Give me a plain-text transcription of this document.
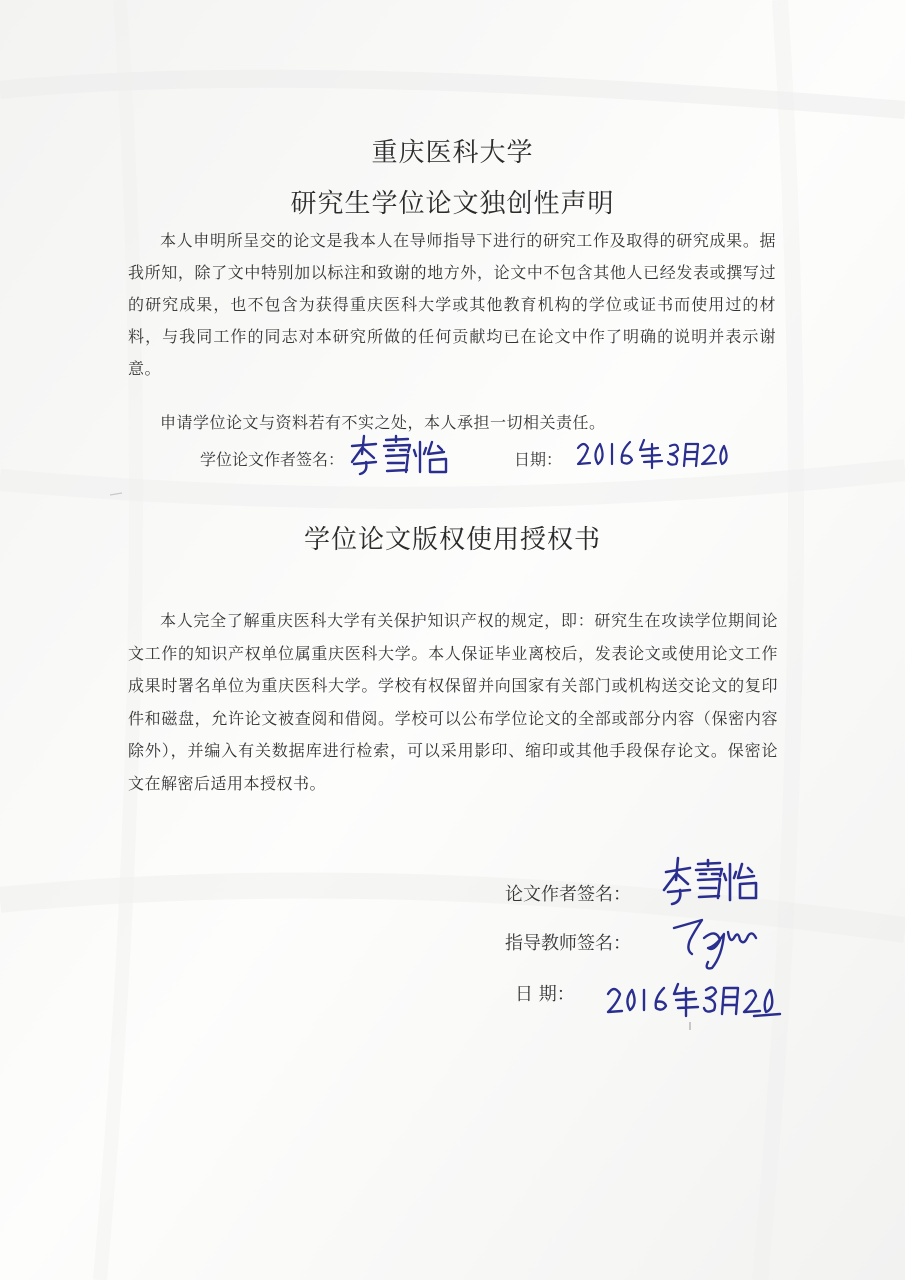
重庆医科大学
研究生学位论文独创性声明
本人申明所呈交的论文是我本人在导师指导下进行的研究工作及取得的研究成果。据我所知，除了文中特别加以标注和致谢的地方外，论文中不包含其他人已经发表或撰写过的研究成果，也不包含为获得重庆医科大学或其他教育机构的学位或证书而使用过的材料，与我同工作的同志对本研究所做的任何贡献均已在论文中作了明确的说明并表示谢意。
申请学位论文与资料若有不实之处，本人承担一切相关责任。
学位论文作者签名：	日期：
学位论文版权使用授权书
本人完全了解重庆医科大学有关保护知识产权的规定，即：研究生在攻读学位期间论文工作的知识产权单位属重庆医科大学。本人保证毕业离校后，发表论文或使用论文工作成果时署名单位为重庆医科大学。学校有权保留并向国家有关部门或机构送交论文的复印件和磁盘，允许论文被查阅和借阅。学校可以公布学位论文的全部或部分内容（保密内容除外），并编入有关数据库进行检索，可以采用影印、缩印或其他手段保存论文。保密论文在解密后适用本授权书。
论文作者签名：
指导教师签名：
日 期：
